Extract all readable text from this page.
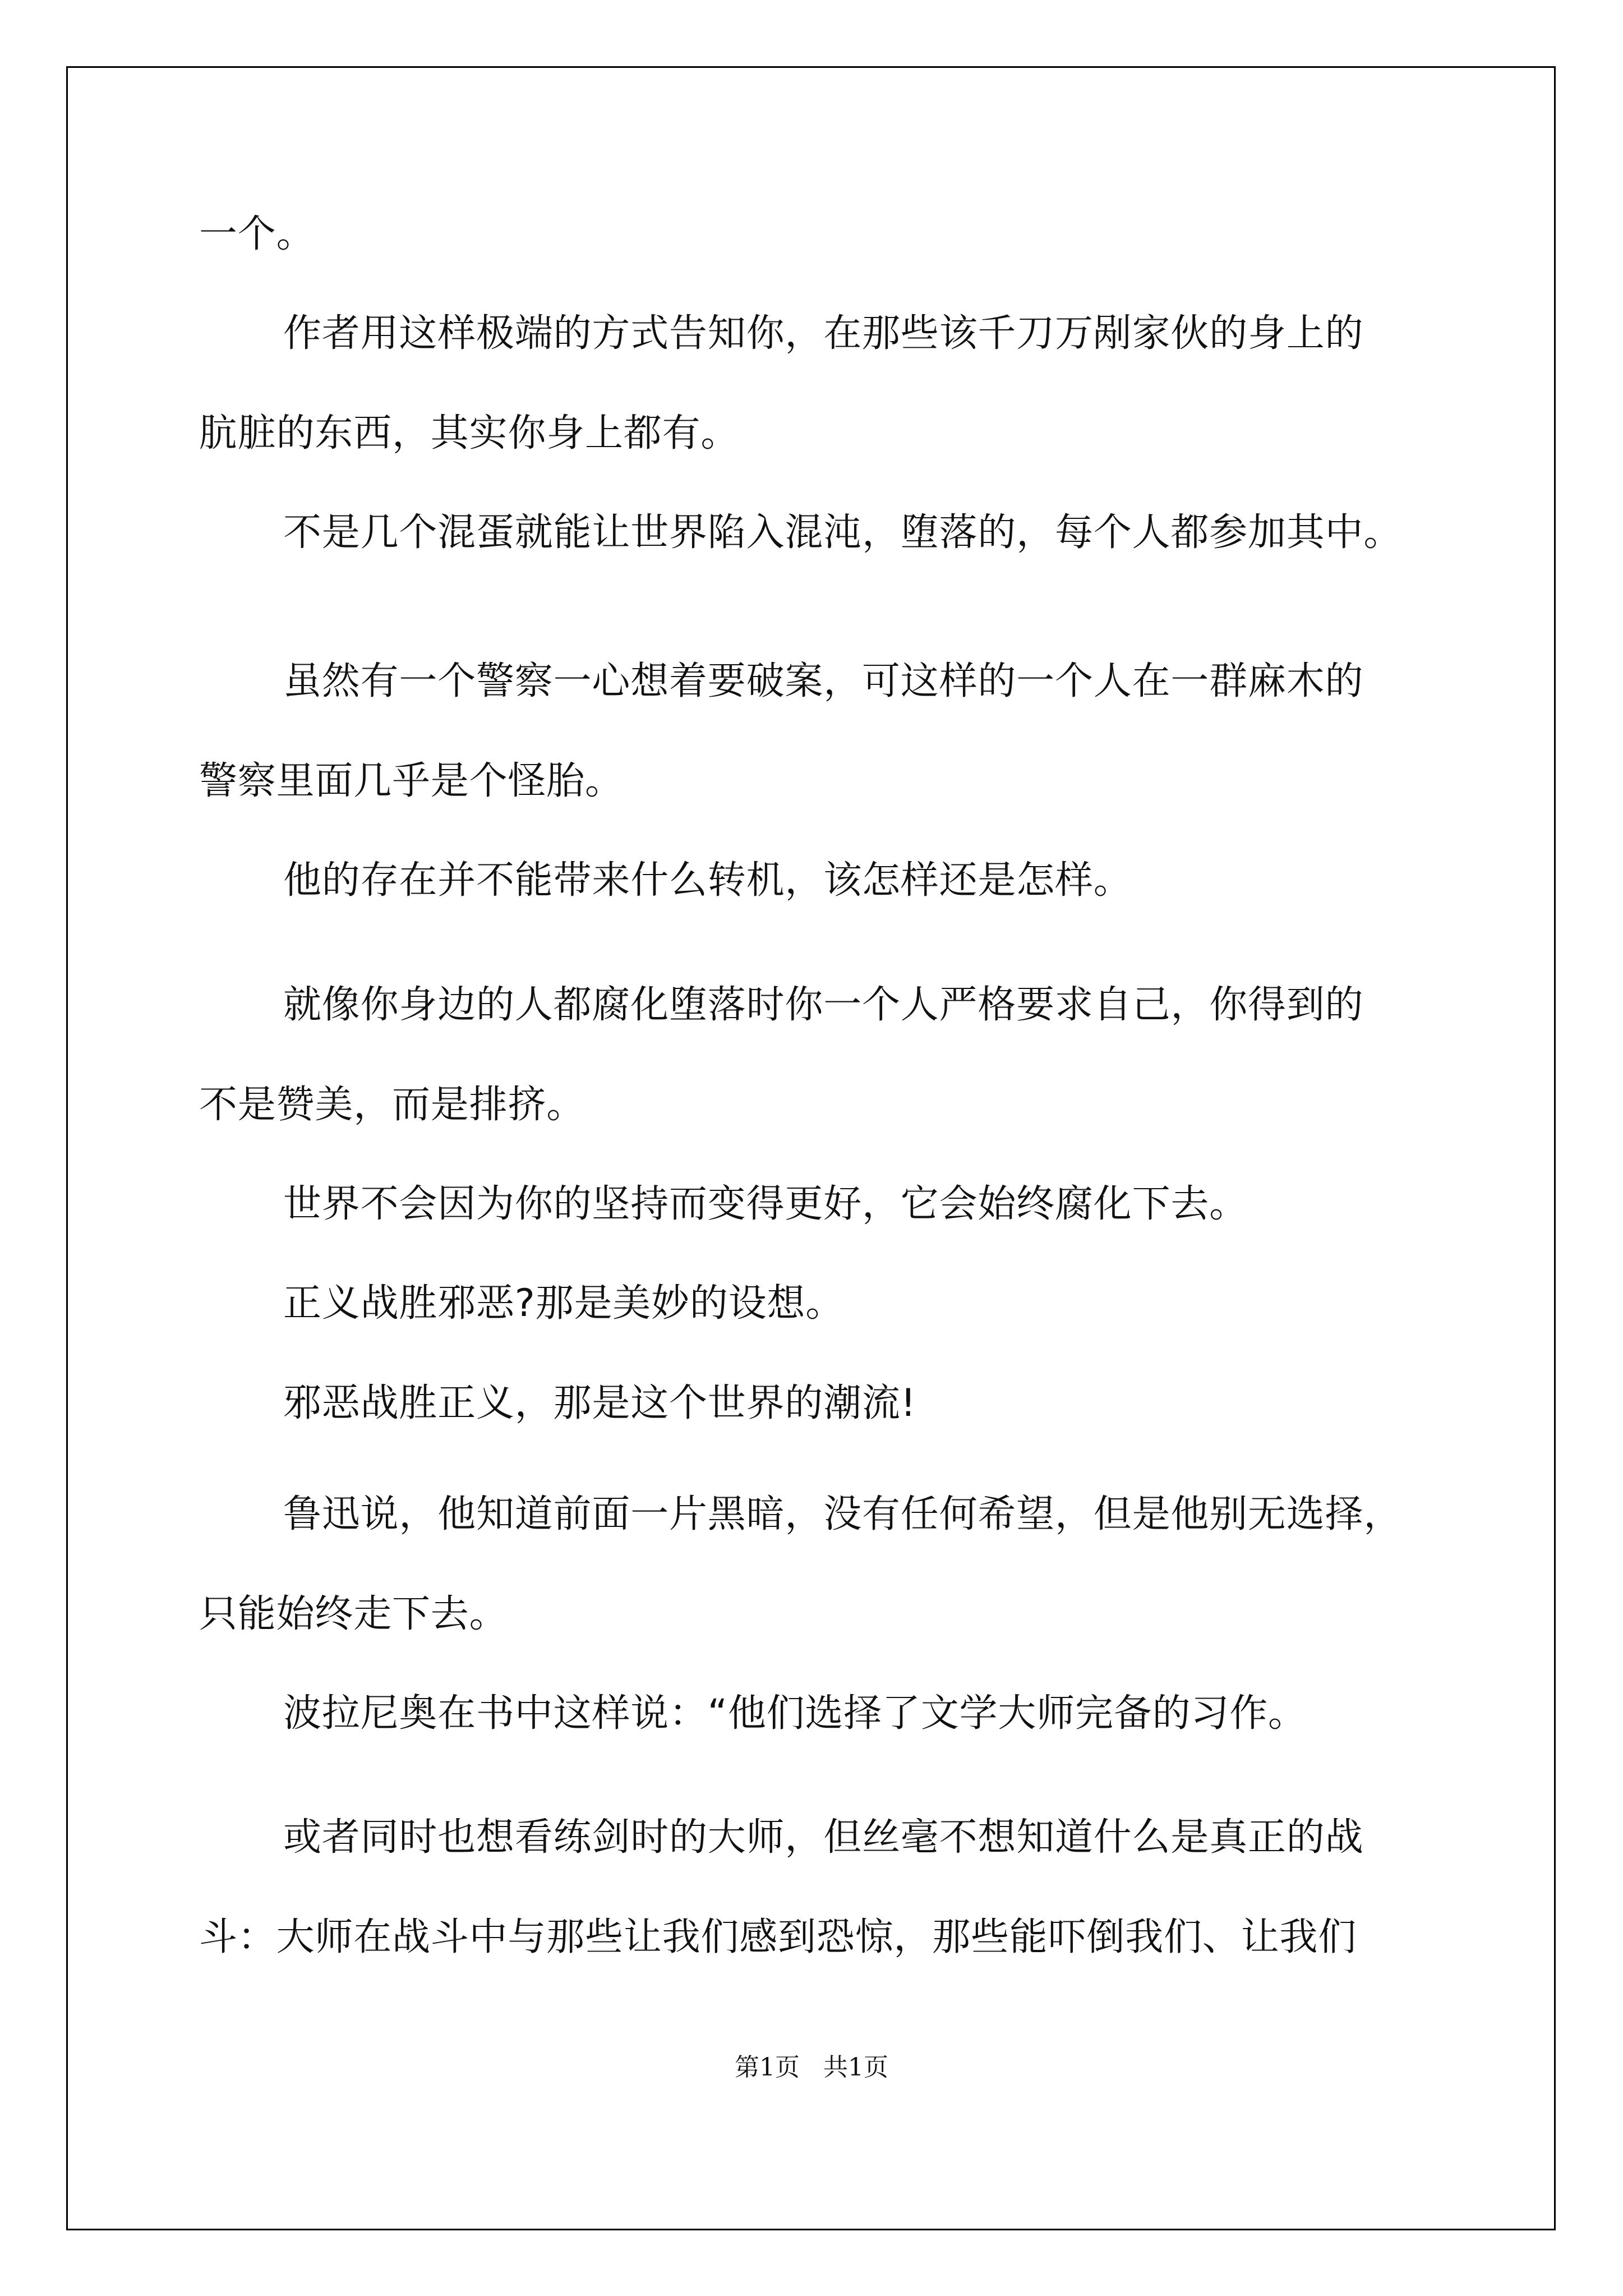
一个。

作者用这样极端的方式告知你，在那些该千刀万剐家伙的身上的

肮脏的东西，其实你身上都有。

不是几个混蛋就能让世界陷入混沌，堕落的，每个人都参加其中。

虽然有一个警察一心想着要破案，可这样的一个人在一群麻木的

警察里面几乎是个怪胎。

他的存在并不能带来什么转机，该怎样还是怎样。

就像你身边的人都腐化堕落时你一个人严格要求自己，你得到的

不是赞美，而是排挤。

世界不会因为你的坚持而变得更好，它会始终腐化下去。

正义战胜邪恶?那是美妙的设想。

邪恶战胜正义，那是这个世界的潮流!

鲁迅说，他知道前面一片黑暗，没有任何希望，但是他别无选择，

只能始终走下去。

波拉尼奥在书中这样说：“他们选择了文学大师完备的习作。

或者同时也想看练剑时的大师，但丝毫不想知道什么是真正的战

斗：大师在战斗中与那些让我们感到恐惊，那些能吓倒我们、让我们

第1页   共1页
